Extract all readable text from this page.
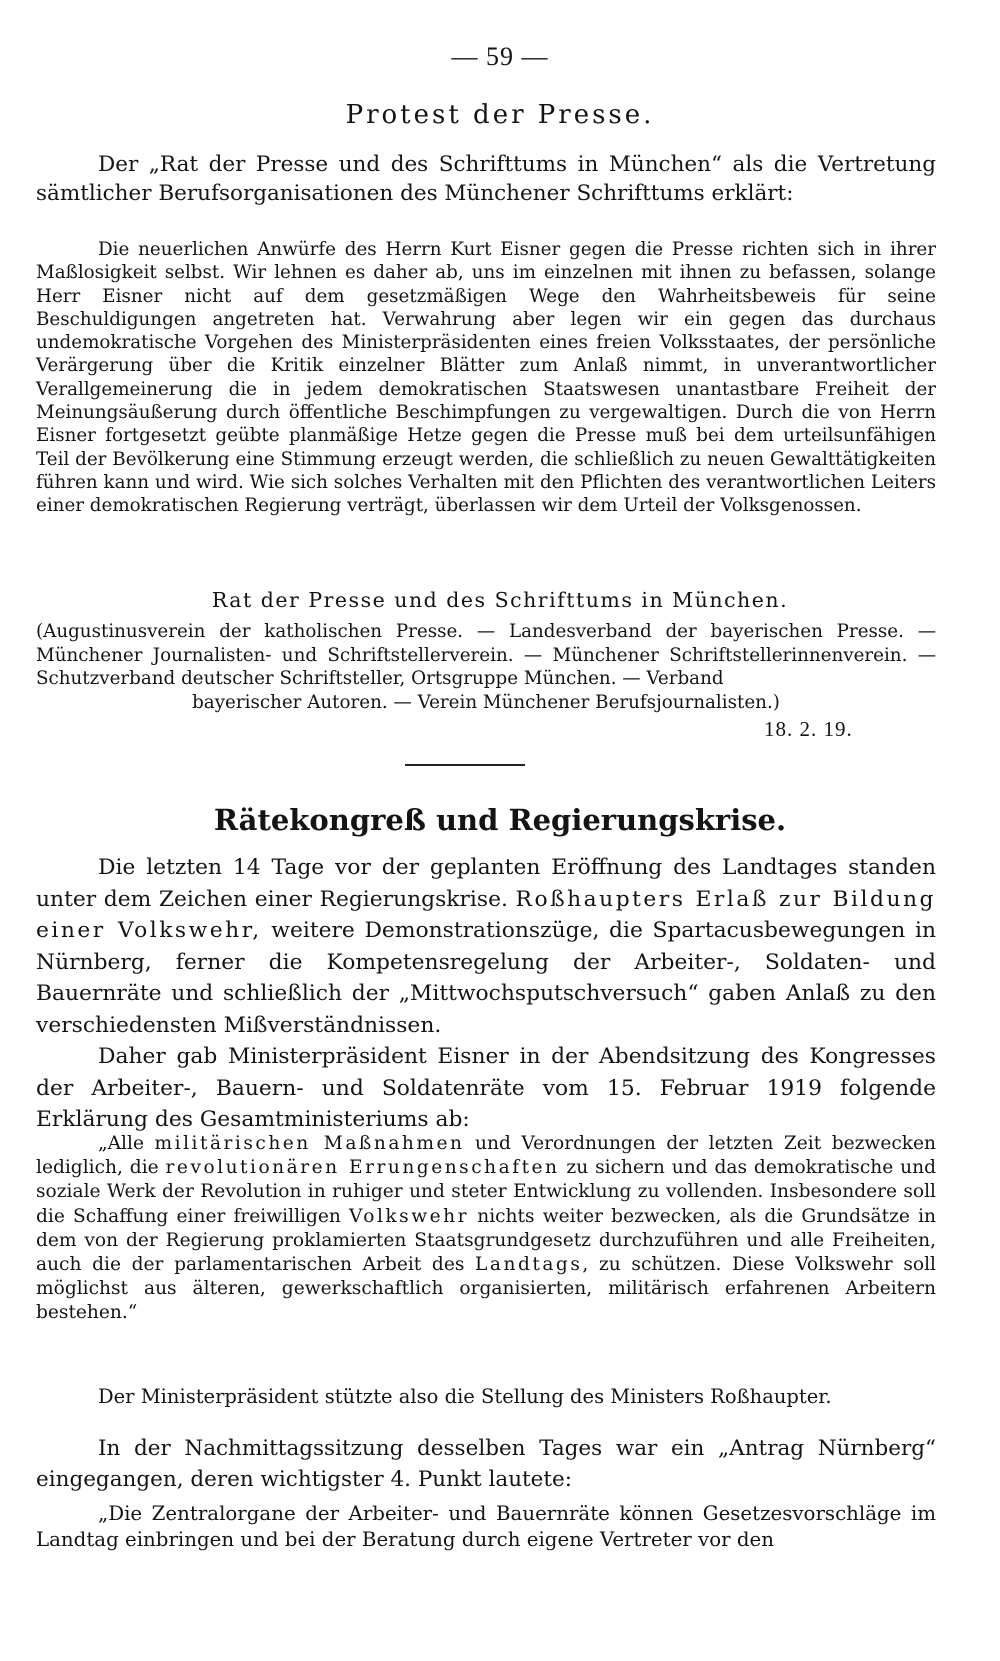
— 59 —
Protest der Presse.

Der „Rat der Presse und des Schrifttums in München“ als die Vertretung sämtlicher Berufsorganisationen des Münchener Schrifttums erklärt:

Die neuerlichen Anwürfe des Herrn Kurt Eisner gegen die Presse richten sich in ihrer Maßlosigkeit selbst. Wir lehnen es daher ab, uns im einzelnen mit ihnen zu befassen, solange Herr Eisner nicht auf dem gesetzmäßigen Wege den Wahrheitsbeweis für seine Beschuldigungen angetreten hat. Verwahrung aber legen wir ein gegen das durchaus undemokratische Vorgehen des Ministerpräsidenten eines freien Volksstaates, der persönliche Verärgerung über die Kritik einzelner Blätter zum Anlaß nimmt, in unverantwortlicher Verallgemeinerung die in jedem demokratischen Staatswesen unantastbare Freiheit der Meinungsäußerung durch öffentliche Beschimpfungen zu vergewaltigen. Durch die von Herrn Eisner fortgesetzt geübte planmäßige Hetze gegen die Presse muß bei dem urteilsunfähigen Teil der Bevölkerung eine Stimmung erzeugt werden, die schließlich zu neuen Gewalttätigkeiten führen kann und wird. Wie sich solches Verhalten mit den Pflichten des verantwortlichen Leiters einer demokratischen Regierung verträgt, überlassen wir dem Urteil der Volksgenossen.

Rat der Presse und des Schrifttums in München.

(Augustinusverein der katholischen Presse. — Landesverband der bayerischen Presse. — Münchener Journalisten- und Schriftstellerverein. — Münchener Schriftstellerinnenverein. — Schutzverband deutscher Schriftsteller, Ortsgruppe München. — Verband

bayerischer Autoren. — Verein Münchener Berufsjournalisten.)

18. 2. 19.
Rätekongreß und Regierungskrise.

Die letzten 14 Tage vor der geplanten Eröffnung des Landtages standen unter dem Zeichen einer Regierungskrise. Roßhaupters Erlaß zur Bildung einer Volkswehr, weitere Demonstrationszüge, die Spartacusbewegungen in Nürnberg, ferner die Kompetensregelung der Arbeiter-, Soldaten- und Bauernräte und schließlich der „Mittwochsputschversuch“ gaben Anlaß zu den verschiedensten Mißverständnissen.

Daher gab Ministerpräsident Eisner in der Abendsitzung des Kongresses der Arbeiter-, Bauern- und Soldatenräte vom 15. Februar 1919 folgende Erklärung des Gesamtministeriums ab:

„Alle militärischen Maßnahmen und Verordnungen der letzten Zeit bezwecken lediglich, die revolutionären Errungenschaften zu sichern und das demokratische und soziale Werk der Revolution in ruhiger und steter Entwicklung zu vollenden. Insbesondere soll die Schaffung einer freiwilligen Volkswehr nichts weiter bezwecken, als die Grundsätze in dem von der Regierung proklamierten Staatsgrundgesetz durchzuführen und alle Freiheiten, auch die der parlamentarischen Arbeit des Landtags, zu schützen. Diese Volkswehr soll möglichst aus älteren, gewerkschaftlich organisierten, militärisch erfahrenen Arbeitern bestehen.“

Der Ministerpräsident stützte also die Stellung des Ministers Roßhaupter.

In der Nachmittagssitzung desselben Tages war ein „Antrag Nürnberg“ eingegangen, deren wichtigster 4. Punkt lautete:

„Die Zentralorgane der Arbeiter- und Bauernräte können Gesetzesvorschläge im Landtag einbringen und bei der Beratung durch eigene Vertreter vor den
